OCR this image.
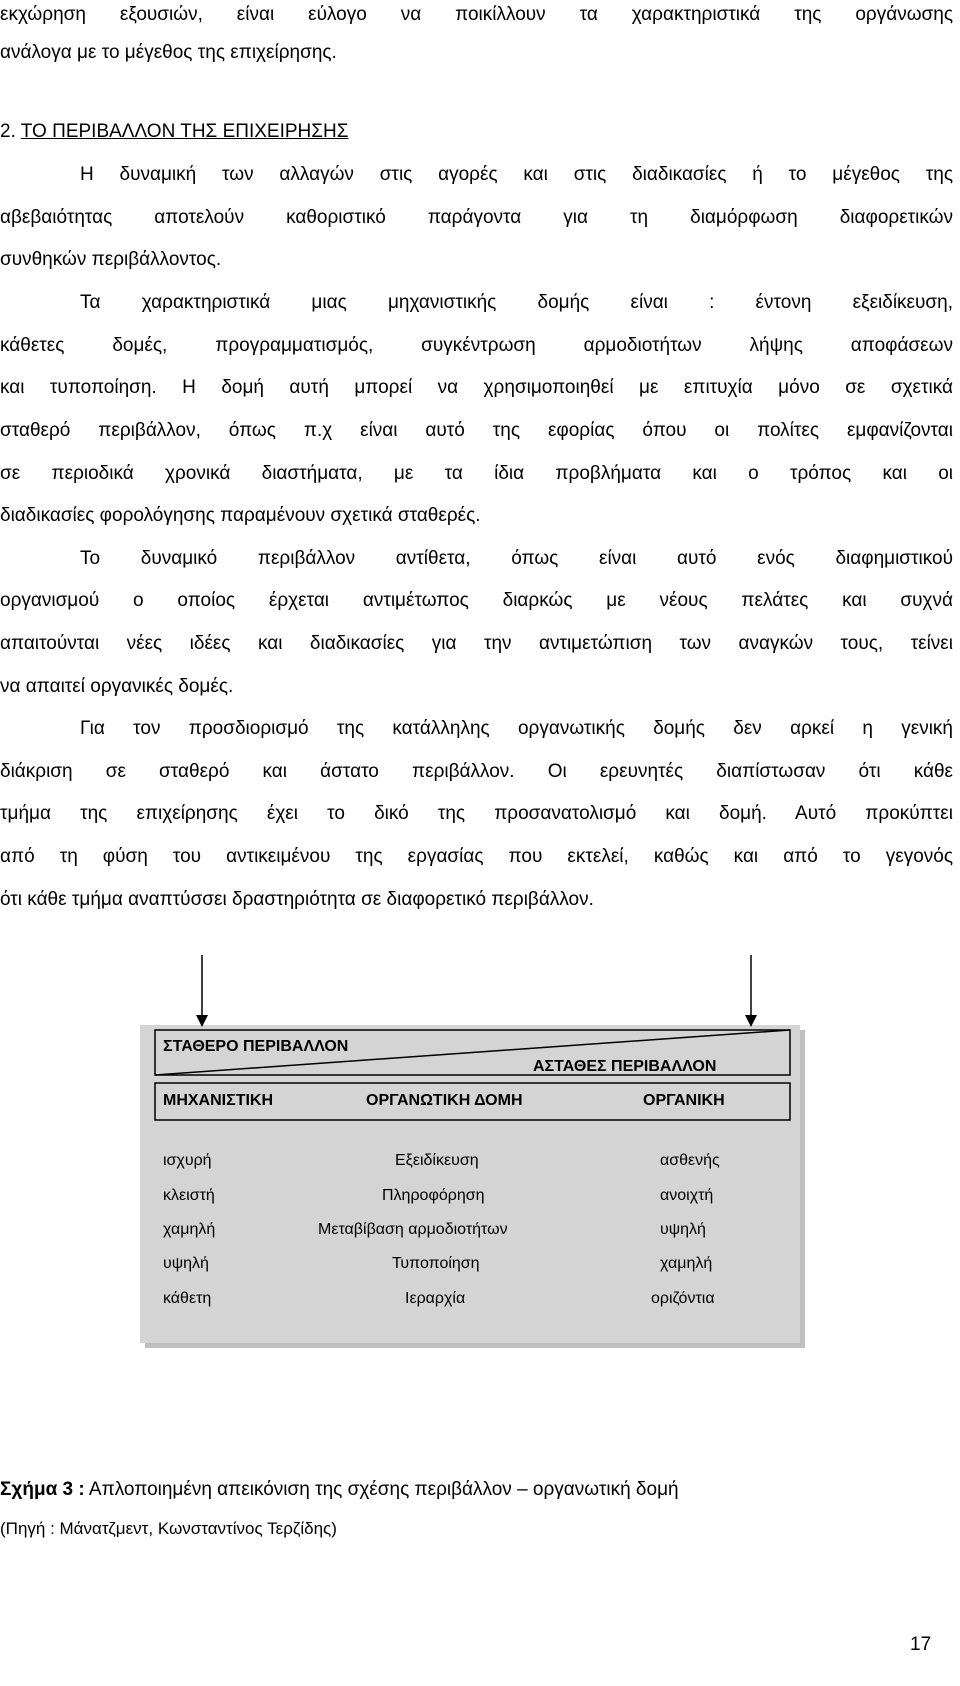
εκχώρηση εξουσιών, είναι εύλογο να ποικίλλουν τα χαρακτηριστικά της οργάνωσης

ανάλογα με το μέγεθος της επιχείρησης.

2. ΤΟ ΠΕΡΙΒΑΛΛΟΝ ΤΗΣ ΕΠΙΧΕΙΡΗΣΗΣ

Η δυναμική των αλλαγών στις αγορές και στις διαδικασίες ή το μέγεθος της

αβεβαιότητας αποτελούν καθοριστικό παράγοντα για τη διαμόρφωση διαφορετικών

συνθηκών περιβάλλοντος.

Τα χαρακτηριστικά μιας μηχανιστικής δομής είναι : έντονη εξειδίκευση,

κάθετες δομές, προγραμματισμός, συγκέντρωση αρμοδιοτήτων λήψης αποφάσεων

και τυποποίηση. Η δομή αυτή μπορεί να χρησιμοποιηθεί με επιτυχία μόνο σε σχετικά

σταθερό περιβάλλον, όπως π.χ είναι αυτό της εφορίας όπου οι πολίτες εμφανίζονται

σε περιοδικά χρονικά διαστήματα, με τα ίδια προβλήματα και ο τρόπος και οι

διαδικασίες φορολόγησης παραμένουν σχετικά σταθερές.

Το δυναμικό περιβάλλον αντίθετα, όπως είναι αυτό ενός διαφημιστικού

οργανισμού ο οποίος έρχεται αντιμέτωπος διαρκώς με νέους πελάτες και συχνά

απαιτούνται νέες ιδέες και διαδικασίες για την αντιμετώπιση των αναγκών τους, τείνει

να απαιτεί οργανικές δομές.

Για τον προσδιορισμό της κατάλληλης οργανωτικής δομής δεν αρκεί η γενική

διάκριση σε σταθερό και άστατο περιβάλλον. Οι ερευνητές διαπίστωσαν ότι κάθε

τμήμα της επιχείρησης έχει το δικό της προσανατολισμό και δομή. Αυτό προκύπτει

από τη φύση του αντικειμένου της εργασίας που εκτελεί, καθώς και από το γεγονός

ότι κάθε τμήμα αναπτύσσει δραστηριότητα σε διαφορετικό περιβάλλον.

ΣΤΑΘΕΡΟ ΠΕΡΙΒΑΛΛΟΝ
ΑΣΤΑΘΕΣ ΠΕΡΙΒΑΛΛΟΝ
ΜΗΧΑΝΙΣΤΙΚΗ	ΟΡΓΑΝΩΤΙΚΗ ΔΟΜΗ	ΟΡΓΑΝΙΚΗ
ισχυρή	Εξειδίκευση	ασθενής
κλειστή	Πληροφόρηση	ανοιχτή
χαμηλή	Μεταβίβαση αρμοδιοτήτων	υψηλή
υψηλή	Τυποποίηση	χαμηλή
κάθετη	Ιεραρχία	οριζόντια
Σχήμα 3 : Απλοποιημένη απεικόνιση της σχέσης περιβάλλον – οργανωτική δομή
(Πηγή : Μάνατζμεντ, Κωνσταντίνος Τερζίδης)
17
